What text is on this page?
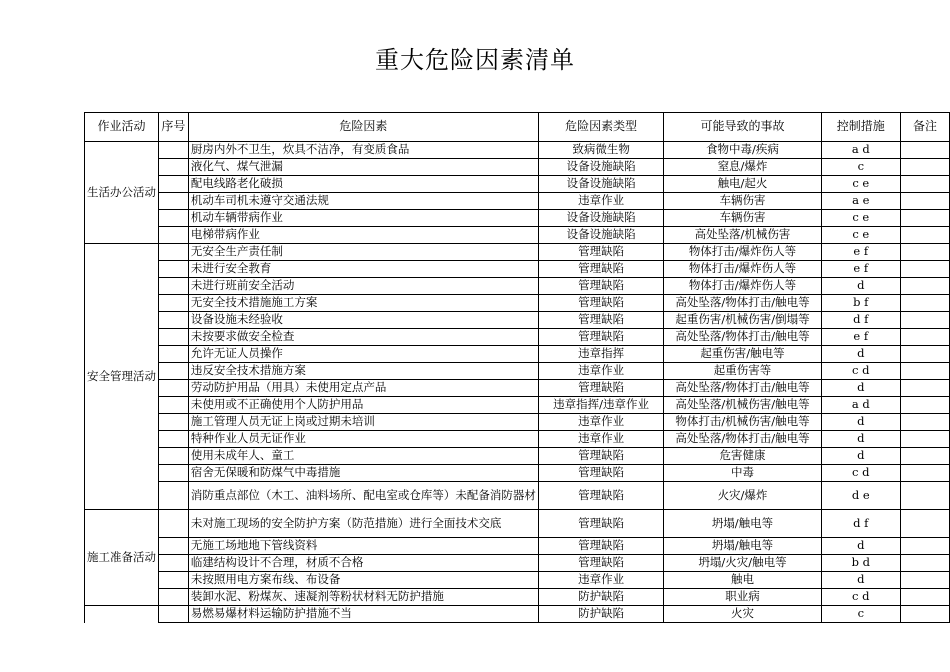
重大危险因素清单
作业活动	序号	危险因素	危险因素类型	可能导致的事故	控制措施	备注

生活办公活动		厨房内外不卫生，炊具不洁净，有变质食品	致病微生物	食物中毒/疾病	a d	
		液化气、煤气泄漏	设备设施缺陷	窒息/爆炸	c	
		配电线路老化破损	设备设施缺陷	触电/起火	c e	
		机动车司机未遵守交通法规	违章作业	车辆伤害	a e	
		机动车辆带病作业	设备设施缺陷	车辆伤害	c e	
		电梯带病作业	设备设施缺陷	高处坠落/机械伤害	c e	

安全管理活动		无安全生产责任制	管理缺陷	物体打击/爆炸伤人等	e f	
		未进行安全教育	管理缺陷	物体打击/爆炸伤人等	e f	
		未进行班前安全活动	管理缺陷	物体打击/爆炸伤人等	d	
		无安全技术措施施工方案	管理缺陷	高处坠落/物体打击/触电等	b f	
		设备设施未经验收	管理缺陷	起重伤害/机械伤害/倒塌等	d f	
		未按要求做安全检查	管理缺陷	高处坠落/物体打击/触电等	e f	
		允许无证人员操作	违章指挥	起重伤害/触电等	d	
		违反安全技术措施方案	违章作业	起重伤害等	c d	
		劳动防护用品（用具）未使用定点产品	管理缺陷	高处坠落/物体打击/触电等	d	
		未使用或不正确使用个人防护用品	违章指挥/违章作业	高处坠落/机械伤害/触电等	a d	
		施工管理人员无证上岗或过期未培训	违章作业	物体打击/机械伤害/触电等	d	
		特种作业人员无证作业	违章作业	高处坠落/物体打击/触电等	d	
		使用未成年人、童工	管理缺陷	危害健康	d	
		宿舍无保暖和防煤气中毒措施	管理缺陷	中毒	c d	
		消防重点部位（木工、油料场所、配电室或仓库等）未配备消防器材	管理缺陷	火灾/爆炸	d e	

施工准备活动		未对施工现场的安全防护方案（防范措施）进行全面技术交底	管理缺陷	坍塌/触电等	d f	
		无施工场地地下管线资料	管理缺陷	坍塌/触电等	d	
		临建结构设计不合理，材质不合格	管理缺陷	坍塌/火灾/触电等	b d	
		未按照用电方案布线、布设备	违章作业	触电	d	
		装卸水泥、粉煤灰、速凝剂等粉状材料无防护措施	防护缺陷	职业病	c d	
		易燃易爆材料运输防护措施不当	防护缺陷	火灾	c	
